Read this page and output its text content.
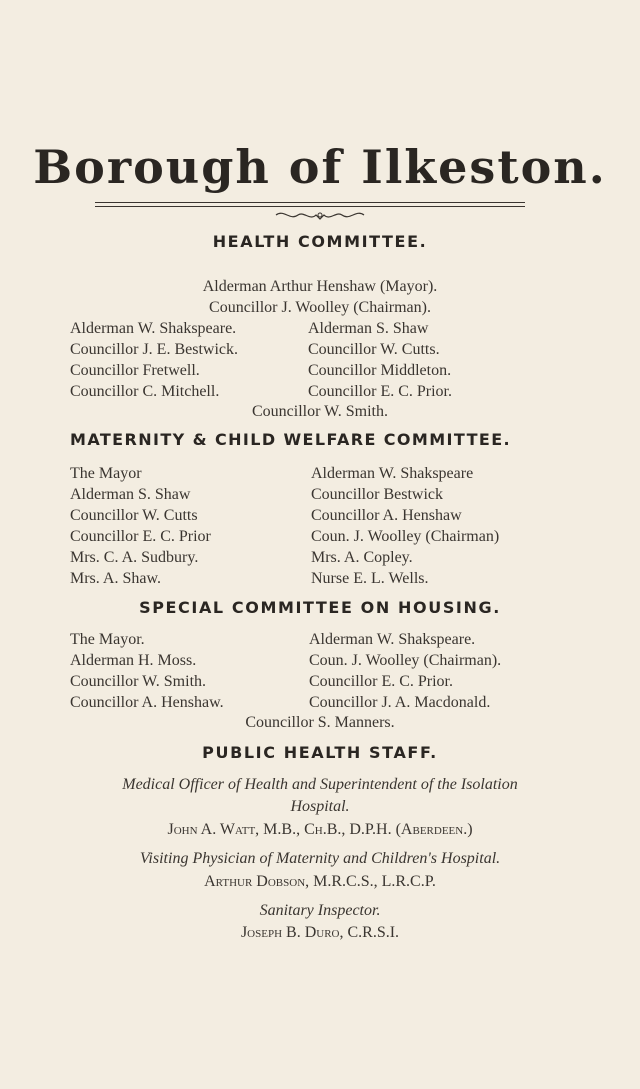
Borough of Ilkeston.
HEALTH COMMITTEE.
Alderman Arthur Henshaw (Mayor).
Councillor J. Woolley (Chairman).
Alderman W. Shakspeare.
Councillor J. E. Bestwick.
Councillor Fretwell.
Councillor C. Mitchell.
Alderman S. Shaw
Councillor W. Cutts.
Councillor Middleton.
Councillor E. C. Prior.
Councillor W. Smith.
MATERNITY & CHILD WELFARE COMMITTEE.
The Mayor
Alderman S. Shaw
Councillor W. Cutts
Councillor E. C. Prior
Mrs. C. A. Sudbury.
Mrs. A. Shaw.
Alderman W. Shakspeare
Councillor Bestwick
Councillor A. Henshaw
Coun. J. Woolley (Chairman)
Mrs. A. Copley.
Nurse E. L. Wells.
SPECIAL COMMITTEE ON HOUSING.
The Mayor.
Alderman H. Moss.
Councillor W. Smith.
Councillor A. Henshaw.
Alderman W. Shakspeare.
Coun. J. Woolley (Chairman).
Councillor E. C. Prior.
Councillor J. A. Macdonald.
Councillor S. Manners.
PUBLIC HEALTH STAFF.
Medical Officer of Health and Superintendent of the Isolation
Hospital.
John A. Watt, M.B., Ch.B., D.P.H. (Aberdeen.)
Visiting Physician of Maternity and Children's Hospital.
Arthur Dobson, M.R.C.S., L.R.C.P.
Sanitary Inspector.
Joseph B. Duro, C.R.S.I.
